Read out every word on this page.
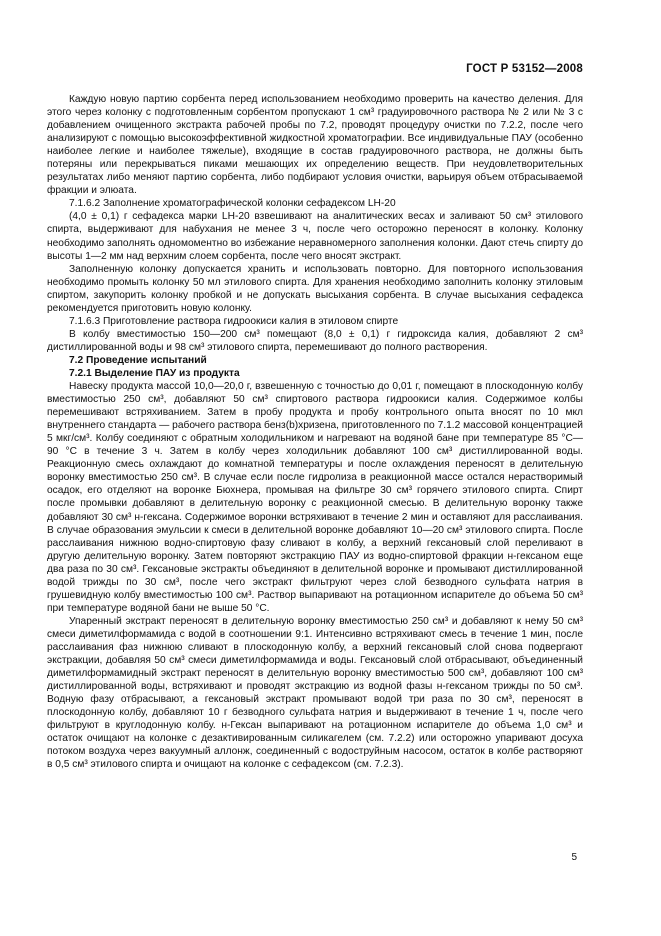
ГОСТ Р 53152—2008

Каждую новую партию сорбента перед использованием необходимо проверить на качество деления. Для этого через колонку с подготовленным сорбентом пропускают 1 см³ градуировочного раствора № 2 или № 3 с добавлением очищенного экстракта рабочей пробы по 7.2, проводят процедуру очистки по 7.2.2, после чего анализируют с помощью высокоэффективной жидкостной хроматографии. Все индивидуальные ПАУ (особенно наиболее легкие и наиболее тяжелые), входящие в состав градуировочного раствора, не должны быть потеряны или перекрываться пиками мешающих их определению веществ. При неудовлетворительных результатах либо меняют партию сорбента, либо подбирают условия очистки, варьируя объем отбрасываемой фракции и элюата.

7.1.6.2 Заполнение хроматографической колонки сефадексом LH-20

(4,0 ± 0,1) г сефадекса марки LH-20 взвешивают на аналитических весах и заливают 50 см³ этилового спирта, выдерживают для набухания не менее 3 ч, после чего осторожно переносят в колонку. Колонку необходимо заполнять одномоментно во избежание неравномерного заполнения колонки. Дают стечь спирту до высоты 1—2 мм над верхним слоем сорбента, после чего вносят экстракт.

Заполненную колонку допускается хранить и использовать повторно. Для повторного использования необходимо промыть колонку 50 мл этилового спирта. Для хранения необходимо заполнить колонку этиловым спиртом, закупорить колонку пробкой и не допускать высыхания сорбента. В случае высыхания сефадекса рекомендуется приготовить новую колонку.

7.1.6.3 Приготовление раствора гидроокиси калия в этиловом спирте

В колбу вместимостью 150—200 см³ помещают (8,0 ± 0,1) г гидроксида калия, добавляют 2 см³ дистиллированной воды и 98 см³ этилового спирта, перемешивают до полного растворения.

7.2 Проведение испытаний

7.2.1 Выделение ПАУ из продукта

Навеску продукта массой 10,0—20,0 г, взвешенную с точностью до 0,01 г, помещают в плоскодонную колбу вместимостью 250 см³, добавляют 50 см³ спиртового раствора гидроокиси калия. Содержимое колбы перемешивают встряхиванием. Затем в пробу продукта и пробу контрольного опыта вносят по 10 мкл внутреннего стандарта — рабочего раствора бенз(b)хризена, приготовленного по 7.1.2 массовой концентрацией 5 мкг/см³. Колбу соединяют с обратным холодильником и нагревают на водяной бане при температуре 85 °С—90 °С в течение 3 ч. Затем в колбу через холодильник добавляют 100 см³ дистиллированной воды. Реакционную смесь охлаждают до комнатной температуры и после охлаждения переносят в делительную воронку вместимостью 250 см³. В случае если после гидролиза в реакционной массе остался нерастворимый осадок, его отделяют на воронке Бюхнера, промывая на фильтре 30 см³ горячего этилового спирта. Спирт после промывки добавляют в делительную воронку с реакционной смесью. В делительную воронку также добавляют 30 см³ н-гексана. Содержимое воронки встряхивают в течение 2 мин и оставляют для расслаивания. В случае образования эмульсии к смеси в делительной воронке добавляют 10—20 см³ этилового спирта. После расслаивания нижнюю водно-спиртовую фазу сливают в колбу, а верхний гексановый слой переливают в другую делительную воронку. Затем повторяют экстракцию ПАУ из водно-спиртовой фракции н-гексаном еще два раза по 30 см³. Гексановые экстракты объединяют в делительной воронке и промывают дистиллированной водой трижды по 30 см³, после чего экстракт фильтруют через слой безводного сульфата натрия в грушевидную колбу вместимостью 100 см³. Раствор выпаривают на ротационном испарителе до объема 50 см³ при температуре водяной бани не выше 50 °С.

Упаренный экстракт переносят в делительную воронку вместимостью 250 см³ и добавляют к нему 50 см³ смеси диметилформамида с водой в соотношении 9:1. Интенсивно встряхивают смесь в течение 1 мин, после расслаивания фаз нижнюю сливают в плоскодонную колбу, а верхний гексановый слой снова подвергают экстракции, добавляя 50 см³ смеси диметилформамида и воды. Гексановый слой отбрасывают, объединенный диметилформамидный экстракт переносят в делительную воронку вместимостью 500 см³, добавляют 100 см³ дистиллированной воды, встряхивают и проводят экстракцию из водной фазы н-гексаном трижды по 50 см³. Водную фазу отбрасывают, а гексановый экстракт промывают водой три раза по 30 см³, переносят в плоскодонную колбу, добавляют 10 г безводного сульфата натрия и выдерживают в течение 1 ч, после чего фильтруют в круглодонную колбу. н-Гексан выпаривают на ротационном испарителе до объема 1,0 см³ и остаток очищают на колонке с дезактивированным силикагелем (см. 7.2.2) или осторожно упаривают досуха потоком воздуха через вакуумный аллонж, соединенный с водоструйным насосом, остаток в колбе растворяют в 0,5 см³ этилового спирта и очищают на колонке с сефадексом (см. 7.2.3).

5
